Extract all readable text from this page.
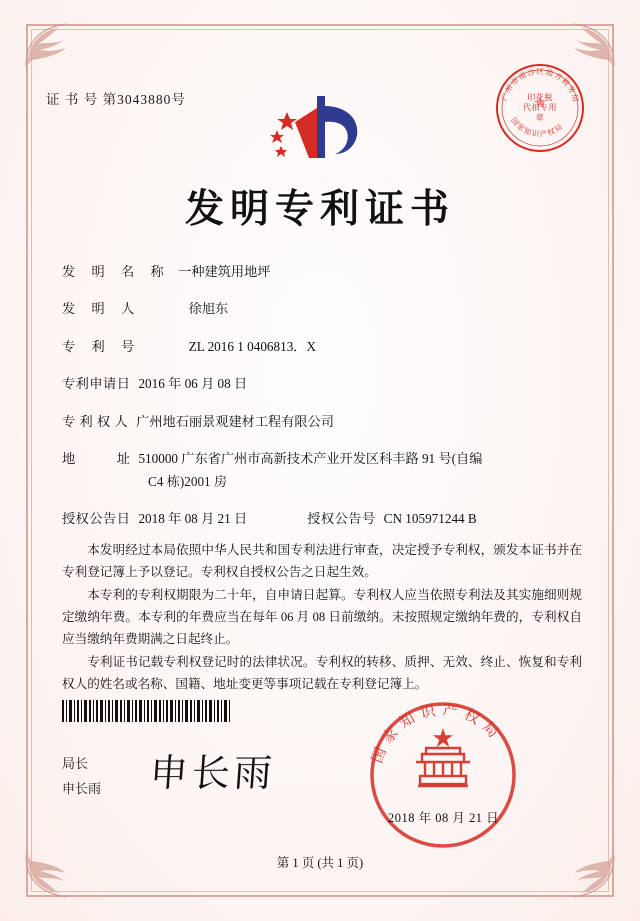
证 书 号 第3043880号	广州市南沙区地方税务局
国家知识产权局
印花税
代扣专用章
发明专利证书
发 明 名 称 一种建筑用地坪
发 明 人	徐旭东
专 利 号	ZL 2016 1 0406813．X
专利申请日 2016 年 06 月 08 日
专 利 权 人 广州地石丽景观建材工程有限公司
地　　　址 510000 广东省广州市高新技术产业开发区科丰路 91 号(自编
C4 栋)2001 房
授权公告日 2018 年 08 月 21 日	授权公告号 CN 105971244 B

本发明经过本局依照中华人民共和国专利法进行审查，决定授予专利权，颁发本证书并在专利登记簿上予以登记。专利权自授权公告之日起生效。

本专利的专利权期限为二十年，自申请日起算。专利权人应当依照专利法及其实施细则规定缴纳年费。本专利的年费应当在每年 06 月 08 日前缴纳。未按照规定缴纳年费的，专利权自应当缴纳年费期满之日起终止。

专利证书记载专利权登记时的法律状况。专利权的转移、质押、无效、终止、恢复和专利权人的姓名或名称、国籍、地址变更等事项记载在专利登记簿上。

国家知识产权局
局长
申长雨 申长雨
2018 年 08 月 21 日
第 1 页 (共 1 页)
